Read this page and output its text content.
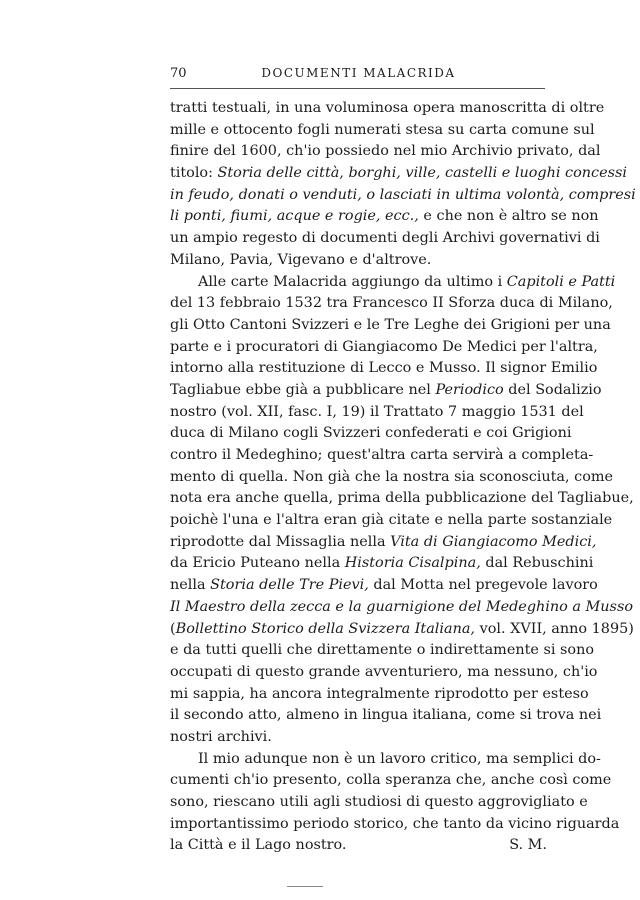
70	DOCUMENTI MALACRIDA
tratti testuali, in una voluminosa opera manoscritta di oltre
mille e ottocento fogli numerati stesa su carta comune sul
finire del 1600, ch'io possiedo nel mio Archivio privato, dal
titolo: Storia delle città, borghi, ville, castelli e luoghi concessi
in feudo, donati o venduti, o lasciati in ultima volontà, compresi
li ponti, fiumi, acque e rogie, ecc., e che non è altro se non
un ampio regesto di documenti degli Archivi governativi di
Milano, Pavia, Vigevano e d'altrove.
Alle carte Malacrida aggiungo da ultimo i Capitoli e Patti
del 13 febbraio 1532 tra Francesco II Sforza duca di Milano,
gli Otto Cantoni Svizzeri e le Tre Leghe dei Grigioni per una
parte e i procuratori di Giangiacomo De Medici per l'altra,
intorno alla restituzione di Lecco e Musso. Il signor Emilio
Tagliabue ebbe già a pubblicare nel Periodico del Sodalizio
nostro (vol. XII, fasc. I, 19) il Trattato 7 maggio 1531 del
duca di Milano cogli Svizzeri confederati e coi Grigioni
contro il Medeghino; quest'altra carta servirà a completa-
mento di quella. Non già che la nostra sia sconosciuta, come
nota era anche quella, prima della pubblicazione del Tagliabue,
poichè l'una e l'altra eran già citate e nella parte sostanziale
riprodotte dal Missaglia nella Vita di Giangiacomo Medici,
da Ericio Puteano nella Historia Cisalpina, dal Rebuschini
nella Storia delle Tre Pievi, dal Motta nel pregevole lavoro
Il Maestro della zecca e la guarnigione del Medeghino a Musso
(Bollettino Storico della Svizzera Italiana, vol. XVII, anno 1895)
e da tutti quelli che direttamente o indirettamente si sono
occupati di questo grande avventuriero, ma nessuno, ch'io
mi sappia, ha ancora integralmente riprodotto per esteso
il secondo atto, almeno in lingua italiana, come si trova nei
nostri archivi.
Il mio adunque non è un lavoro critico, ma semplici do-
cumenti ch'io presento, colla speranza che, anche così come
sono, riescano utili agli studiosi di questo aggrovigliato e
importantissimo periodo storico, che tanto da vicino riguarda
la Città e il Lago nostro.	S. M.
